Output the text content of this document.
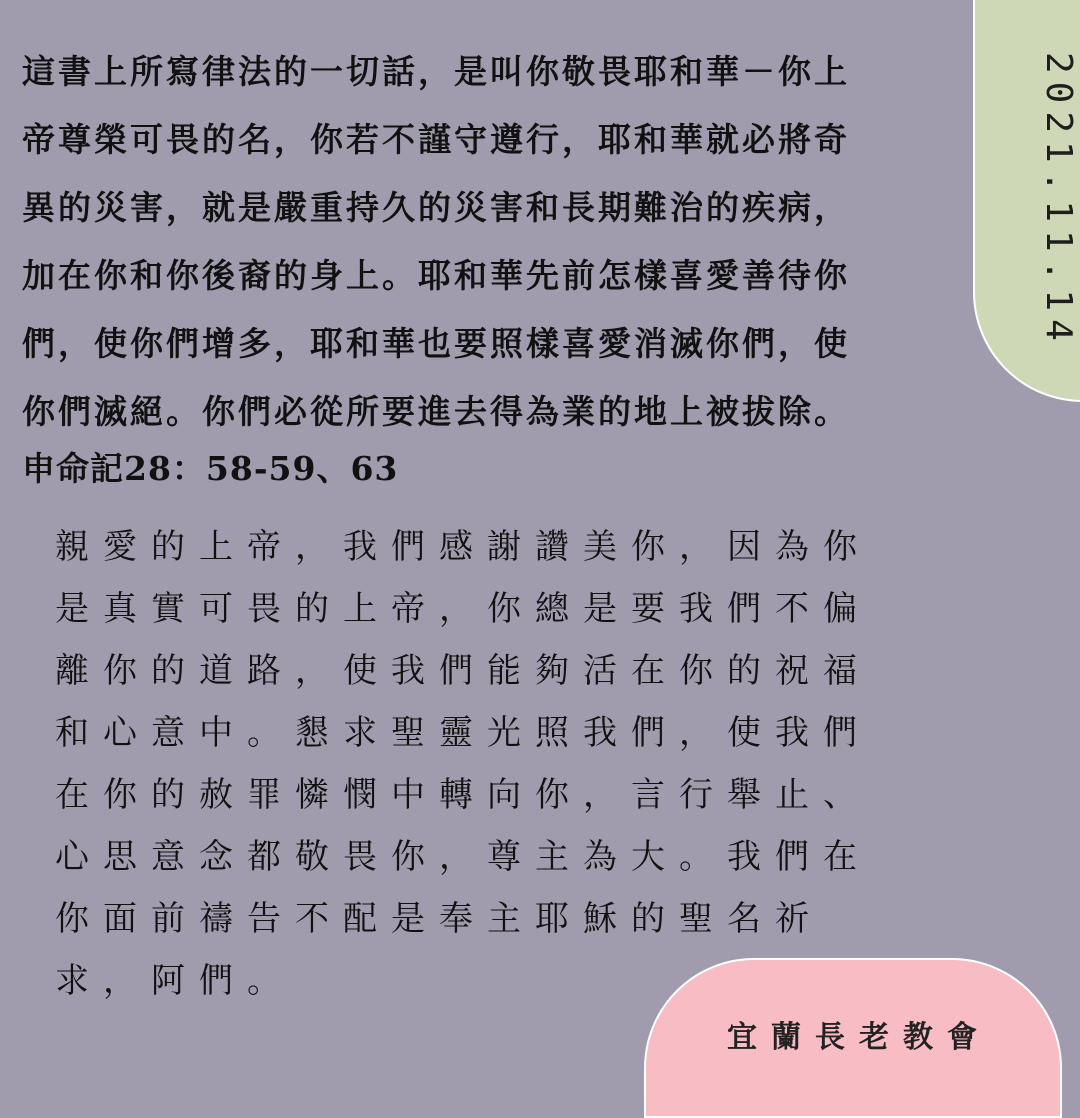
這書上所寫律法的一切話，是叫你敬畏耶和華－你上
帝尊榮可畏的名，你若不謹守遵行，耶和華就必將奇
異的災害，就是嚴重持久的災害和長期難治的疾病，
加在你和你後裔的身上。耶和華先前怎樣喜愛善待你
們，使你們增多，耶和華也要照樣喜愛消滅你們，使
你們滅絕。你們必從所要進去得為業的地上被拔除。
申命記28：58-59、63
親愛的上帝，我們感謝讚美你，因為你
是真實可畏的上帝，你總是要我們不偏
離你的道路，使我們能夠活在你的祝福
和心意中。懇求聖靈光照我們，使我們
在你的赦罪憐憫中轉向你，言行舉止、
心思意念都敬畏你，尊主為大。我們在
你面前禱告不配是奉主耶穌的聖名祈
求，阿們。
2021.11.14
宜蘭長老教會
